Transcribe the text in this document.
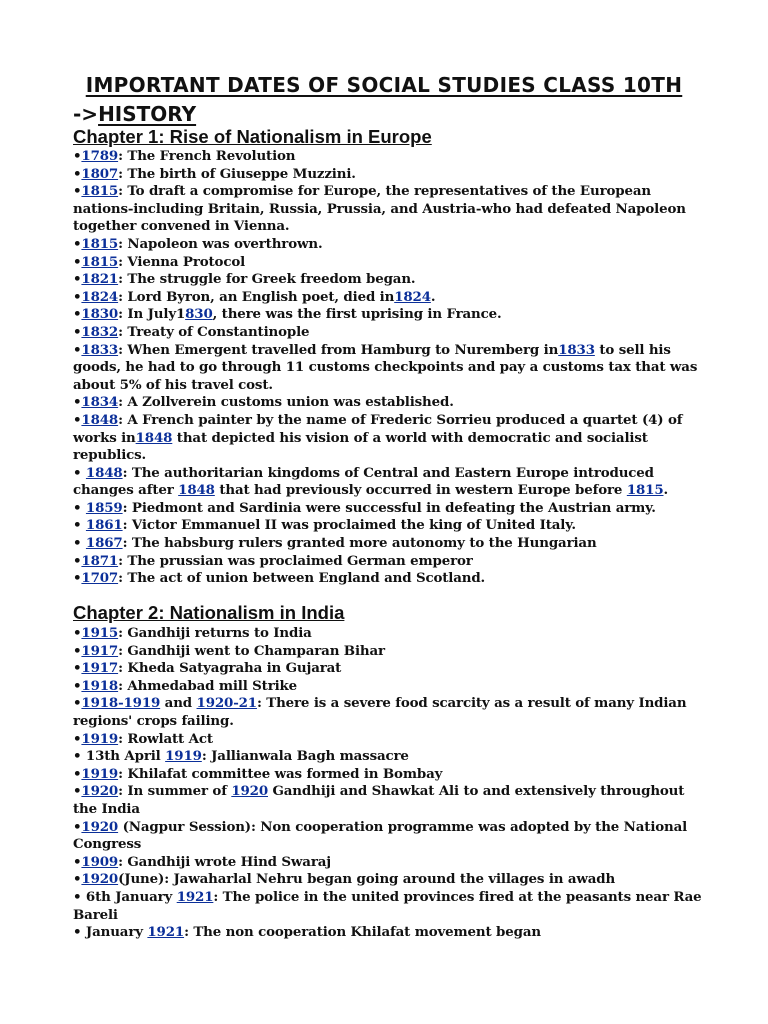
IMPORTANT DATES OF SOCIAL STUDIES CLASS 10TH
->HISTORY
Chapter 1: Rise of Nationalism in Europe
•1789: The French Revolution
•1807: The birth of Giuseppe Muzzini.
•1815: To draft a compromise for Europe, the representatives of the European nations-including Britain, Russia, Prussia, and Austria-who had defeated Napoleon together convened in Vienna.
•1815: Napoleon was overthrown.
•1815: Vienna Protocol
•1821: The struggle for Greek freedom began.
•1824: Lord Byron, an English poet, died in1824.
•1830: In July1830, there was the first uprising in France.
•1832: Treaty of Constantinople
•1833: When Emergent travelled from Hamburg to Nuremberg in1833 to sell his goods, he had to go through 11 customs checkpoints and pay a customs tax that was about 5% of his travel cost.
•1834: A Zollverein customs union was established.
•1848: A French painter by the name of Frederic Sorrieu produced a quartet (4) of works in1848 that depicted his vision of a world with democratic and socialist republics.
• 1848: The authoritarian kingdoms of Central and Eastern Europe introduced changes after 1848 that had previously occurred in western Europe before 1815.
• 1859: Piedmont and Sardinia were successful in defeating the Austrian army.
• 1861: Victor Emmanuel II was proclaimed the king of United Italy.
• 1867: The habsburg rulers granted more autonomy to the Hungarian
•1871: The prussian was proclaimed German emperor
•1707: The act of union between England and Scotland.
Chapter 2: Nationalism in India
•1915: Gandhiji returns to India
•1917: Gandhiji went to Champaran Bihar
•1917: Kheda Satyagraha in Gujarat
•1918: Ahmedabad mill Strike
•1918-1919 and 1920-21: There is a severe food scarcity as a result of many Indian regions' crops failing.
•1919: Rowlatt Act
• 13th April 1919: Jallianwala Bagh massacre
•1919: Khilafat committee was formed in Bombay
•1920: In summer of 1920 Gandhiji and Shawkat Ali to and extensively throughout the India
•1920 (Nagpur Session): Non cooperation programme was adopted by the National Congress
•1909: Gandhiji wrote Hind Swaraj
•1920(June): Jawaharlal Nehru began going around the villages in awadh
• 6th January 1921: The police in the united provinces fired at the peasants near Rae Bareli
• January 1921: The non cooperation Khilafat movement began
